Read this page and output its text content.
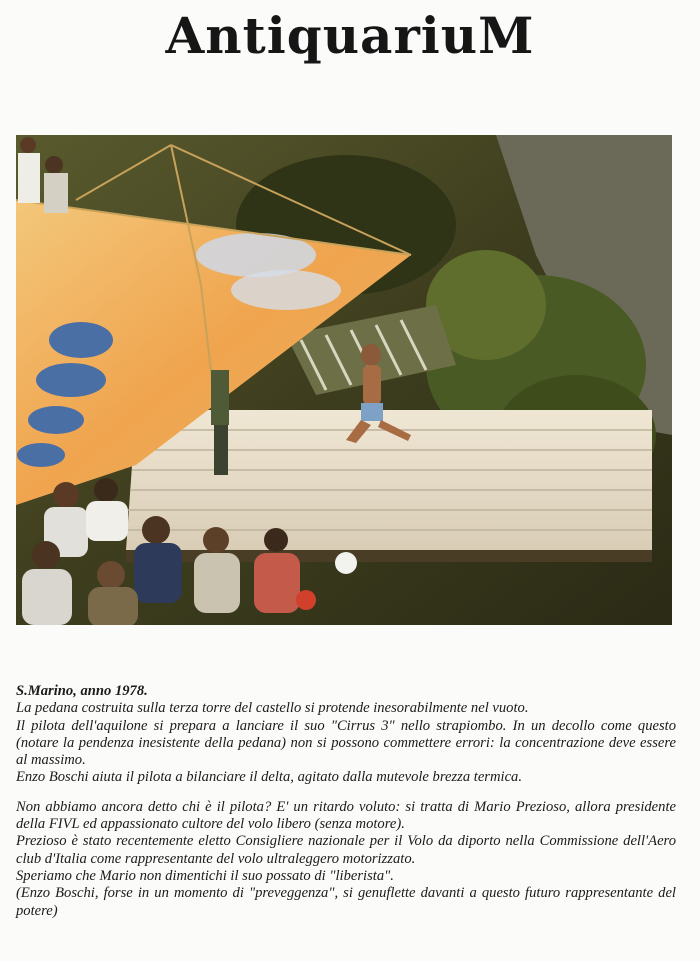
AntiquariuM

S.Marino, anno 1978.

La pedana costruita sulla terza torre del castello si protende inesorabilmente nel vuoto.

Il pilota dell'aquilone si prepara a lanciare il suo "Cirrus 3" nello strapiombo. In un decollo come questo (notare la pendenza inesistente della pedana) non si possono commettere errori: la concentrazione deve essere al massimo.

Enzo Boschi aiuta il pilota a bilanciare il delta, agitato dalla mutevole brezza termica.

Non abbiamo ancora detto chi è il pilota? E' un ritardo voluto: si tratta di Mario Prezioso, allora presidente della FIVL ed appassionato cultore del volo libero (senza motore).

Prezioso è stato recentemente eletto Consigliere nazionale per il Volo da diporto nella Commissione dell'Aero club d'Italia come rappresentante del volo ultraleggero motorizzato.

Speriamo che Mario non dimentichi il suo possato di "liberista".

(Enzo Boschi, forse in un momento di "preveggenza", si genuflette davanti a questo futuro rappresentante del potere)
